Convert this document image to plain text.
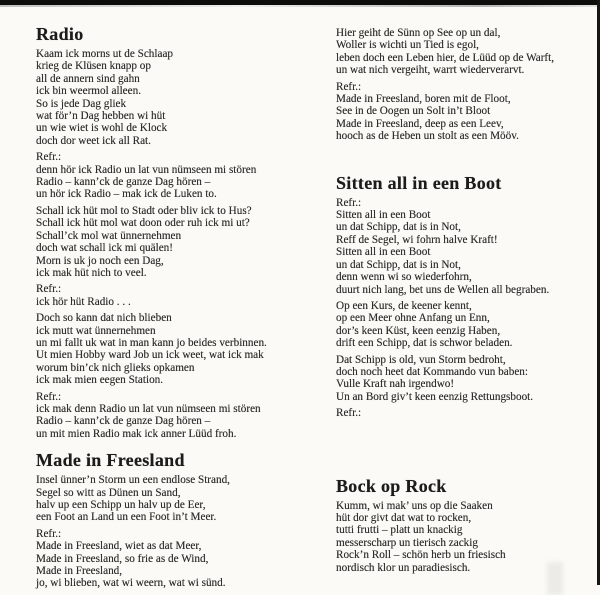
Radio
Kaam ick morns ut de Schlaap
krieg de Klüsen knapp op
all de annern sind gahn
ick bin weermol alleen.
So is jede Dag gliek
wat för’n Dag hebben wi hüt
un wie wiet is wohl de Klock
doch dor weet ick all Rat.
Refr.:
denn hör ick Radio un lat vun nümseen mi stören
Radio – kann’ck de ganze Dag hören –
un hör ick Radio – mak ick de Luken to.
Schall ick hüt mol to Stadt oder bliv ick to Hus?
Schall ick hüt mol wat doon oder ruh ick mi ut?
Schall’ck mol wat ünnernehmen
doch wat schall ick mi quälen!
Morn is uk jo noch een Dag,
ick mak hüt nich to veel.
Refr.:
ick hör hüt Radio . . .
Doch so kann dat nich blieben
ick mutt wat ünnernehmen
un mi fallt uk wat in man kann jo beides verbinnen.
Ut mien Hobby ward Job un ick weet, wat ick mak
worum bin’ck nich glieks opkamen
ick mak mien eegen Station.
Refr.:
ick mak denn Radio un lat vun nümseen mi stören
Radio – kann’ck de ganze Dag hören –
un mit mien Radio mak ick anner Lüüd froh.
Made in Freesland
Insel ünner’n Storm un een endlose Strand,
Segel so witt as Dünen un Sand,
halv up een Schipp un halv up de Eer,
een Foot an Land un een Foot in’t Meer.
Refr.:
Made in Freesland, wiet as dat Meer,
Made in Freesland, so frie as de Wind,
Made in Freesland,
jo, wi blieben, wat wi weern, wat wi sünd.
Hier geiht de Sünn op See op un dal,
Woller is wichti un Tied is egol,
leben doch een Leben hier, de Lüüd op de Warft,
un wat nich vergeiht, warrt wiederverarvt.
Refr.:
Made in Freesland, boren mit de Floot,
See in de Oogen un Solt in’t Bloot
Made in Freesland, deep as een Leev,
hooch as de Heben un stolt as een Mööv.
Sitten all in een Boot
Refr.:
Sitten all in een Boot
un dat Schipp, dat is in Not,
Reff de Segel, wi fohrn halve Kraft!
Sitten all in een Boot
un dat Schipp, dat is in Not,
denn wenn wi so wiederfohrn,
duurt nich lang, bet uns de Wellen all begraben.
Op een Kurs, de keener kennt,
op een Meer ohne Anfang un Enn,
dor’s keen Küst, keen eenzig Haben,
drift een Schipp, dat is schwor beladen.
Dat Schipp is old, vun Storm bedroht,
doch noch heet dat Kommando vun baben:
Vulle Kraft nah irgendwo!
Un an Bord giv’t keen eenzig Rettungsboot.
Refr.:
Bock op Rock
Kumm, wi mak’ uns op die Saaken
hüt dor givt dat wat to rocken,
tutti frutti – platt un knackig
messerscharp un tierisch zackig
Rock’n Roll – schön herb un friesisch
nordisch klor un paradiesisch.
